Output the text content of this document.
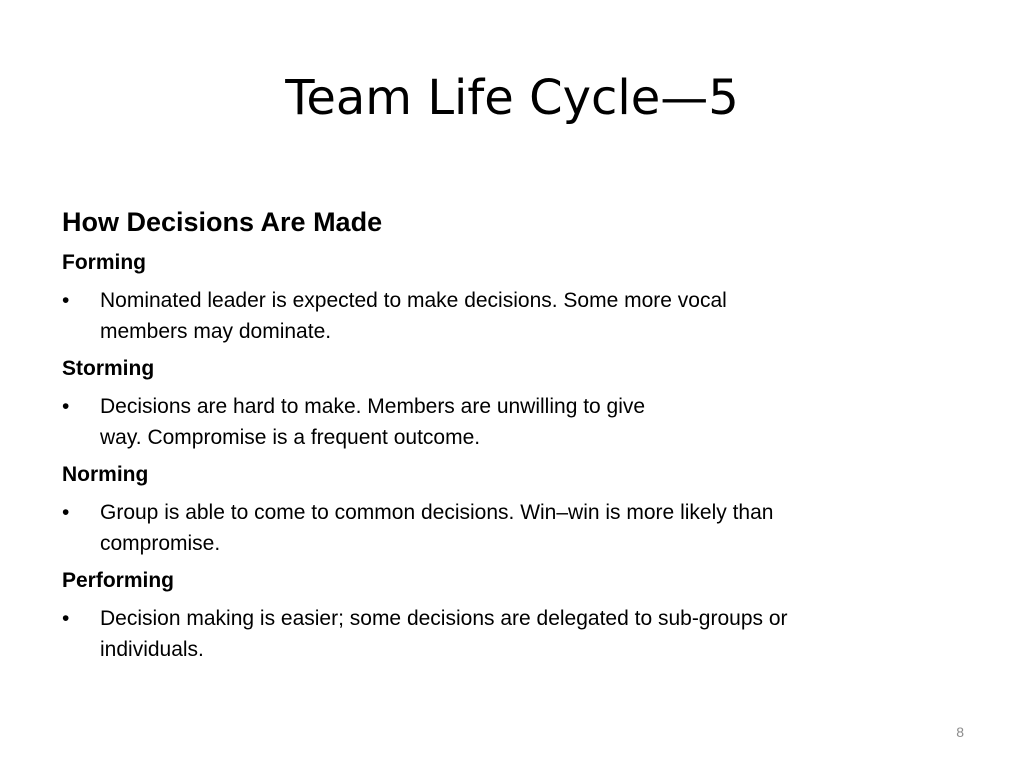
Team Life Cycle—5

How Decisions Are Made

Forming

•	Nominated leader is expected to make decisions. Some more vocal
members may dominate.

Storming

•	Decisions are hard to make. Members are unwilling to give
way. Compromise is a frequent outcome.

Norming

•	Group is able to come to common decisions. Win–win is more likely than
compromise.

Performing

•	Decision making is easier; some decisions are delegated to sub-groups or
individuals.
8
